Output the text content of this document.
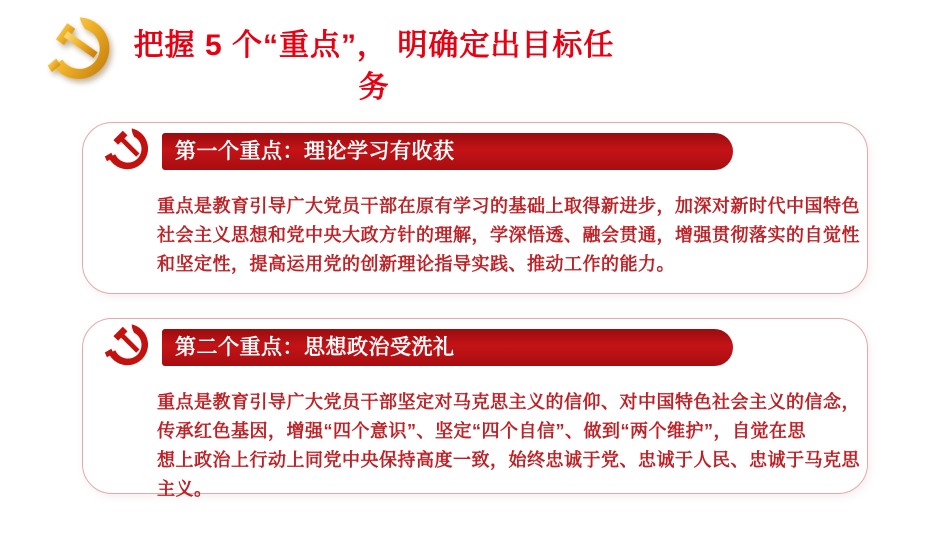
把握 5 个“重点”， 明确定出目标任
务
第一个重点：理论学习有收获
重点是教育引导广大党员干部在原有学习的基础上取得新进步，加深对新时代中国特色
社会主义思想和党中央大政方针的理解，学深悟透、融会贯通，增强贯彻落实的自觉性
和坚定性，提高运用党的创新理论指导实践、推动工作的能力。
第二个重点：思想政治受洗礼
重点是教育引导广大党员干部坚定对马克思主义的信仰、对中国特色社会主义的信念，
传承红色基因，增强“四个意识”、坚定“四个自信”、做到“两个维护”，自觉在思
想上政治上行动上同党中央保持高度一致，始终忠诚于党、忠诚于人民、忠诚于马克思
主义。
